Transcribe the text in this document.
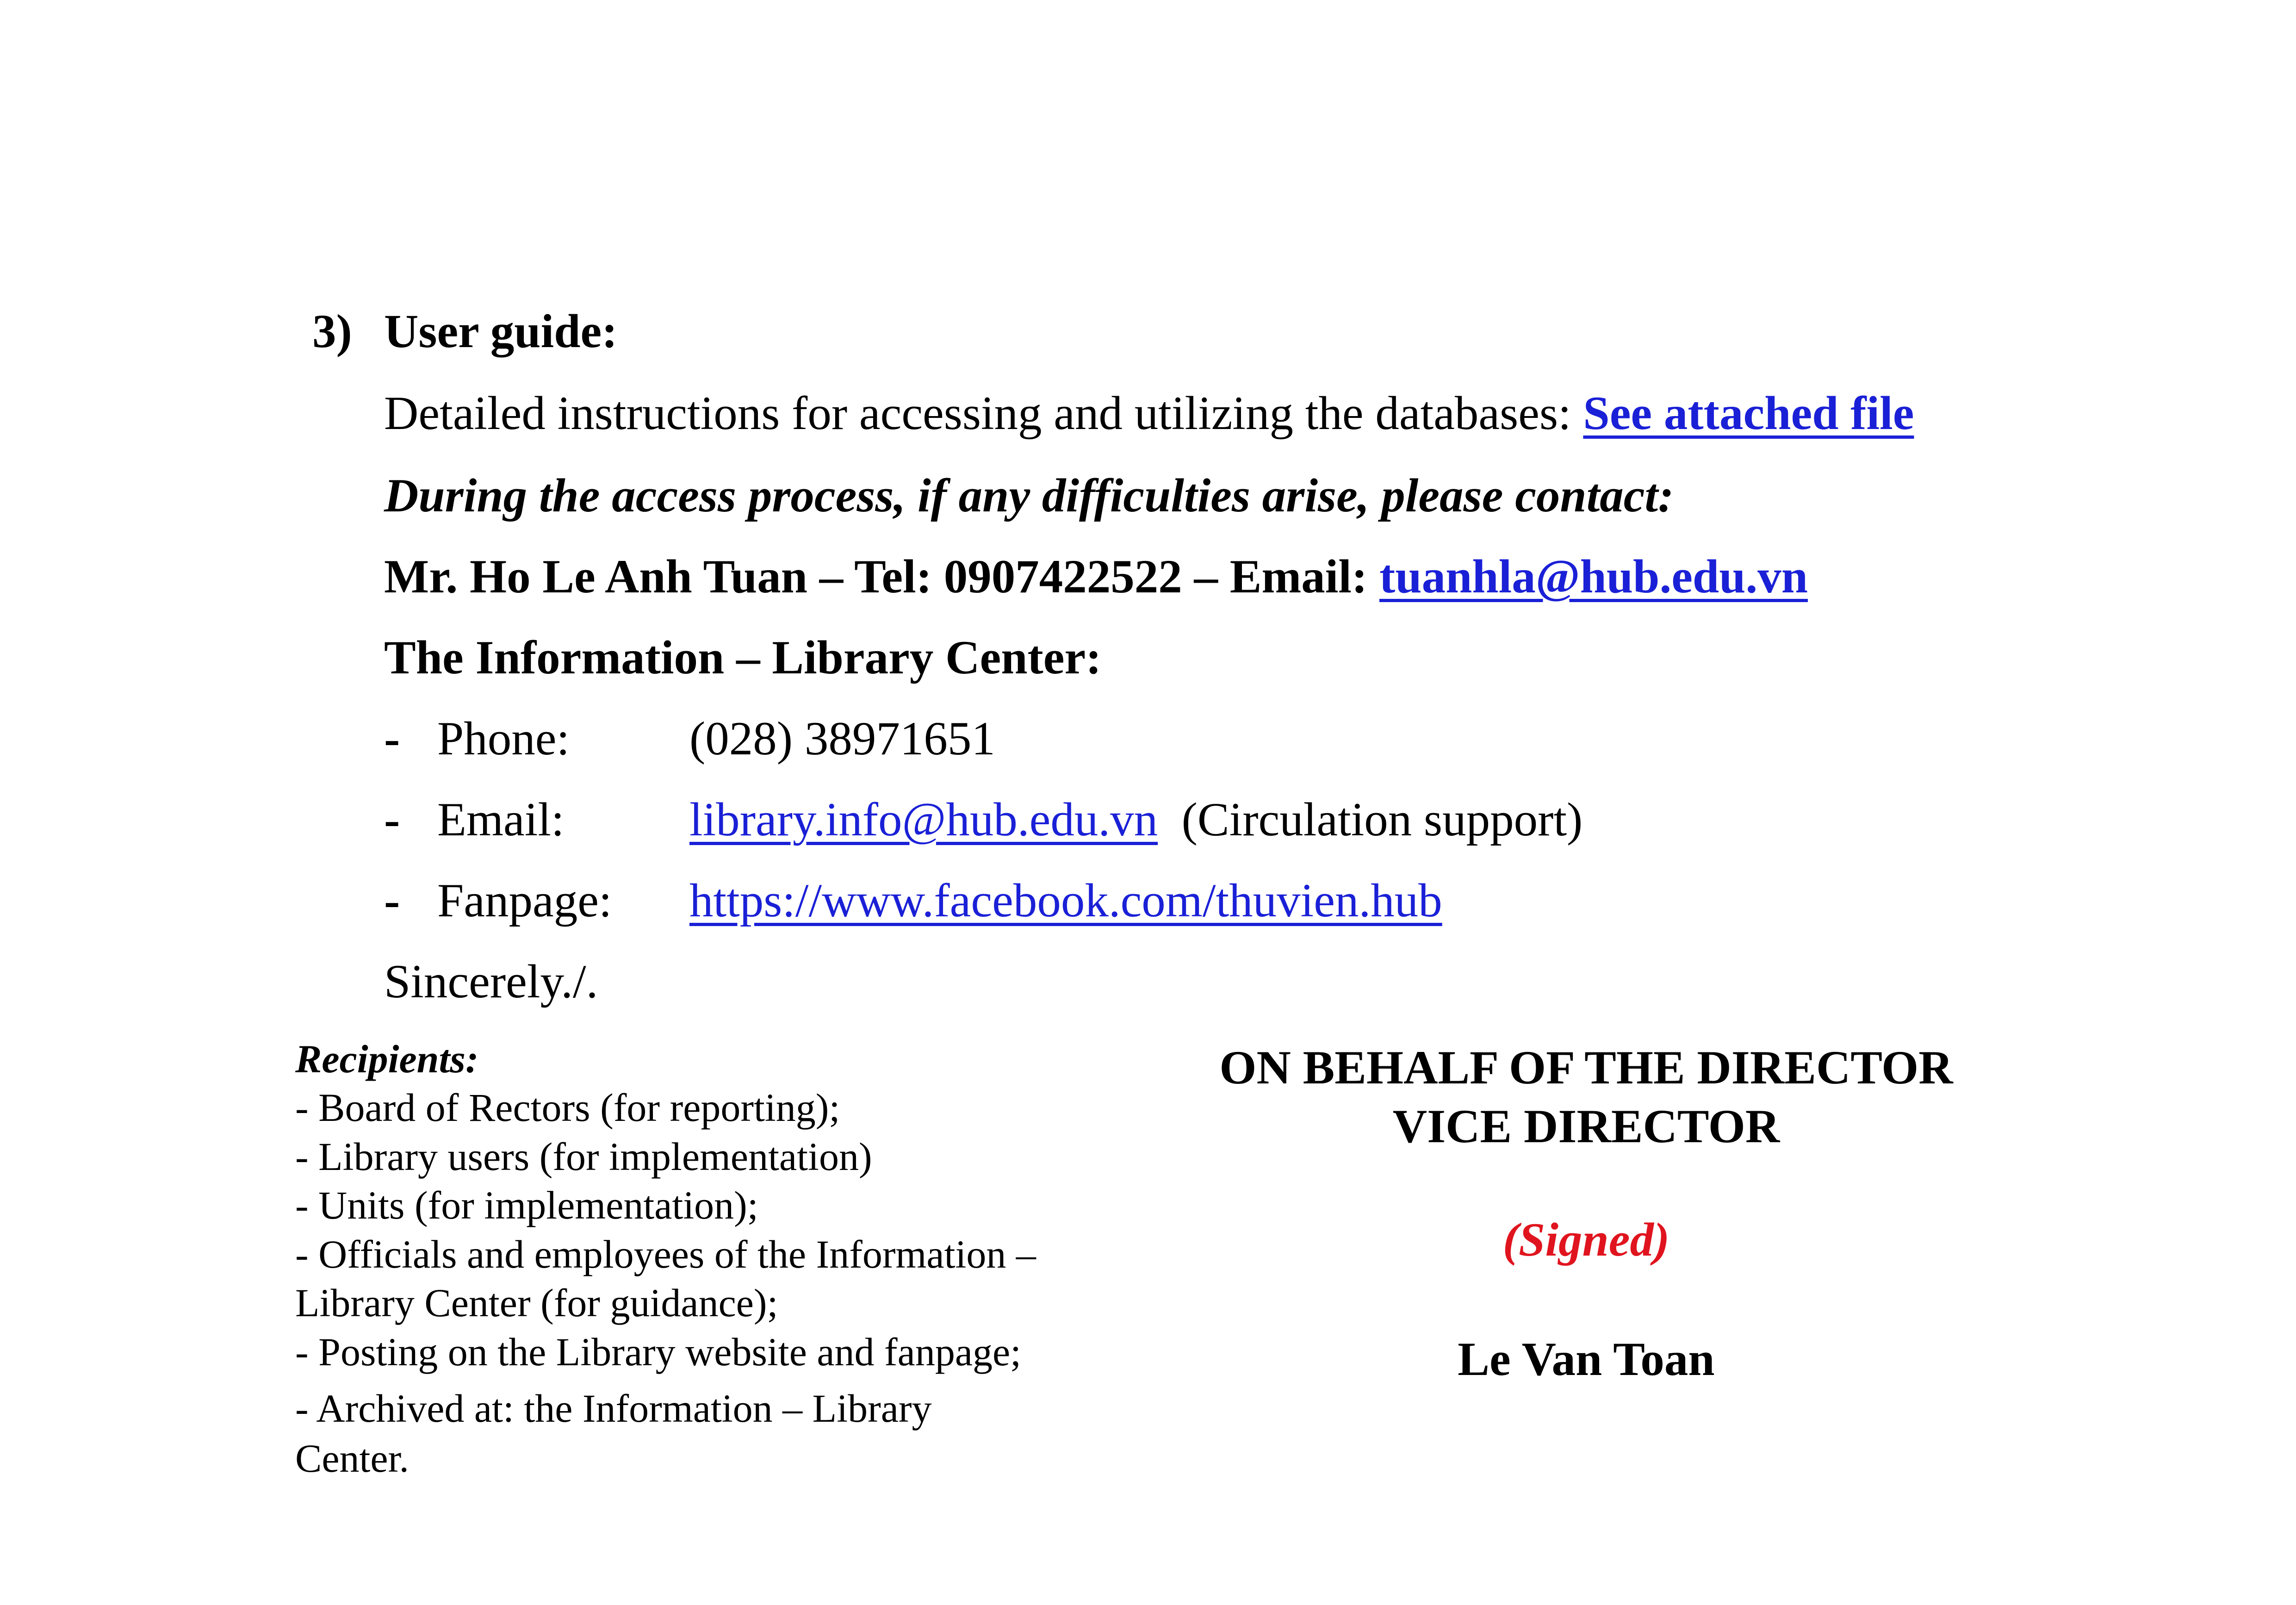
3) User guide:
Detailed instructions for accessing and utilizing the databases: See attached file
During the access process, if any difficulties arise, please contact:
Mr. Ho Le Anh Tuan – Tel: 0907422522 – Email: tuanhla@hub.edu.vn
The Information – Library Center:
- Phone:	(028) 38971651
- Email:	library.info@hub.edu.vn (Circulation support)
- Fanpage: https://www.facebook.com/thuvien.hub
Sincerely./.
Recipients:
- Board of Rectors (for reporting);
- Library users (for implementation)
- Units (for implementation);
- Officials and employees of the Information –
Library Center (for guidance);
- Posting on the Library website and fanpage;
- Archived at: the Information – Library
Center.
ON BEHALF OF THE DIRECTOR
VICE DIRECTOR
(Signed)
Le Van Toan
